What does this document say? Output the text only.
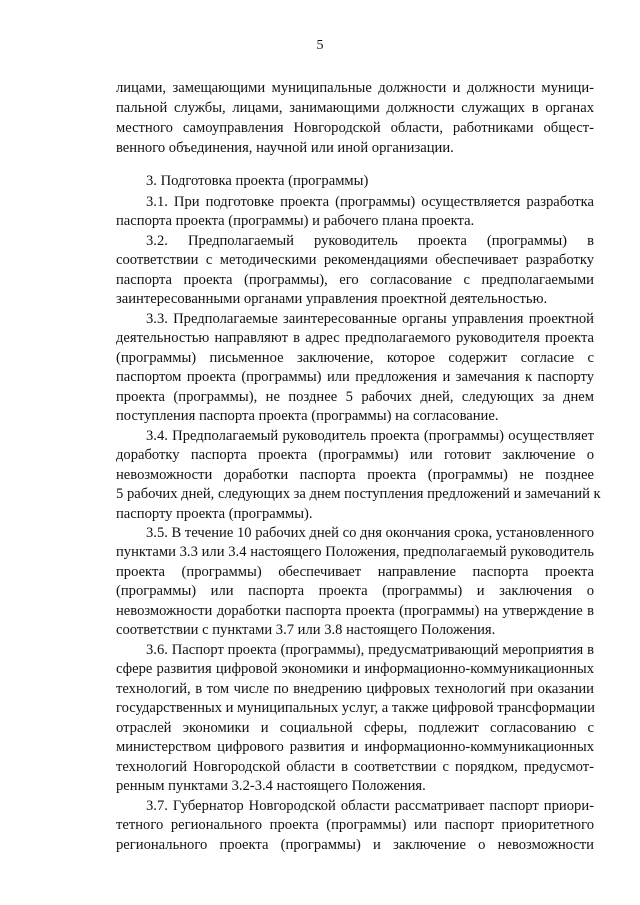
5
лицами, замещающими муниципальные должности и должности муници-
пальной службы, лицами, занимающими должности служащих в органах
местного самоуправления Новгородской области, работниками общест-
венного объединения, научной или иной организации.
3. Подготовка проекта (программы)
3.1. При подготовке проекта (программы) осуществляется разработка
паспорта проекта (программы) и рабочего плана проекта.
3.2. Предполагаемый руководитель проекта (программы) в
соответствии с методическими рекомендациями обеспечивает разработку
паспорта проекта (программы), его согласование с предполагаемыми
заинтересованными органами управления проектной деятельностью.
3.3. Предполагаемые заинтересованные органы управления проектной
деятельностью направляют в адрес предполагаемого руководителя проекта
(программы) письменное заключение, которое содержит согласие с
паспортом проекта (программы) или предложения и замечания к паспорту
проекта (программы), не позднее 5 рабочих дней, следующих за днем
поступления паспорта проекта (программы) на согласование.
3.4. Предполагаемый руководитель проекта (программы) осуществляет
доработку паспорта проекта (программы) или готовит заключение о
невозможности доработки паспорта проекта (программы) не позднее
5 рабочих дней, следующих за днем поступления предложений и замечаний к
паспорту проекта (программы).
3.5. В течение 10 рабочих дней со дня окончания срока, установленного
пунктами 3.3 или 3.4 настоящего Положения, предполагаемый руководитель
проекта (программы) обеспечивает направление паспорта проекта
(программы) или паспорта проекта (программы) и заключения о
невозможности доработки паспорта проекта (программы) на утверждение в
соответствии с пунктами 3.7 или 3.8 настоящего Положения.
3.6. Паспорт проекта (программы), предусматривающий мероприятия в
сфере развития цифровой экономики и информационно-коммуникационных
технологий, в том числе по внедрению цифровых технологий при оказании
государственных и муниципальных услуг, а также цифровой трансформации
отраслей экономики и социальной сферы, подлежит согласованию с
министерством цифрового развития и информационно-коммуникационных
технологий Новгородской области в соответствии с порядком, предусмот-
ренным пунктами 3.2-3.4 настоящего Положения.
3.7. Губернатор Новгородской области рассматривает паспорт приори-
тетного регионального проекта (программы) или паспорт приоритетного
регионального проекта (программы) и заключение о невозможности
